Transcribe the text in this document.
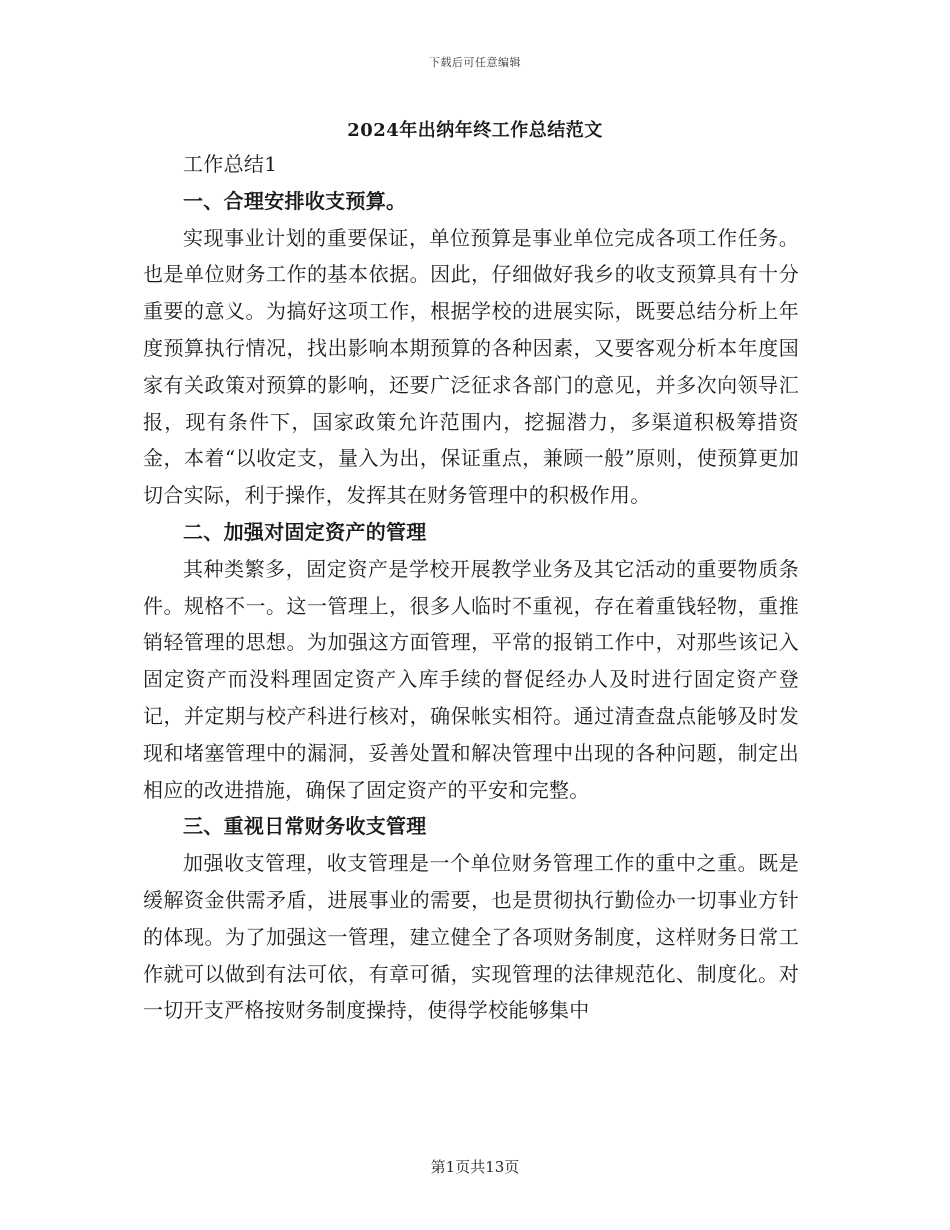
下载后可任意编辑
2024年出纳年终工作总结范文
工作总结1
一、合理安排收支预算。

实现事业计划的重要保证，单位预算是事业单位完成各项工作任务。也是单位财务工作的基本依据。因此，仔细做好我乡的收支预算具有十分重要的意义。为搞好这项工作，根据学校的进展实际，既要总结分析上年度预算执行情况，找出影响本期预算的各种因素，又要客观分析本年度国家有关政策对预算的影响，还要广泛征求各部门的意见，并多次向领导汇报，现有条件下，国家政策允许范围内，挖掘潜力，多渠道积极筹措资金，本着“以收定支，量入为出，保证重点，兼顾一般”原则，使预算更加切合实际，利于操作，发挥其在财务管理中的积极作用。

二、加强对固定资产的管理

其种类繁多，固定资产是学校开展教学业务及其它活动的重要物质条件。规格不一。这一管理上，很多人临时不重视，存在着重钱轻物，重推销轻管理的思想。为加强这方面管理，平常的报销工作中，对那些该记入固定资产而没料理固定资产入库手续的督促经办人及时进行固定资产登记，并定期与校产科进行核对，确保帐实相符。通过清查盘点能够及时发现和堵塞管理中的漏洞，妥善处置和解决管理中出现的各种问题，制定出相应的改进措施，确保了固定资产的平安和完整。

三、重视日常财务收支管理

加强收支管理，收支管理是一个单位财务管理工作的重中之重。既是缓解资金供需矛盾，进展事业的需要，也是贯彻执行勤俭办一切事业方针的体现。为了加强这一管理，建立健全了各项财务制度，这样财务日常工作就可以做到有法可依，有章可循，实现管理的法律规范化、制度化。对一切开支严格按财务制度操持，使得学校能够集中

第1页共13页
